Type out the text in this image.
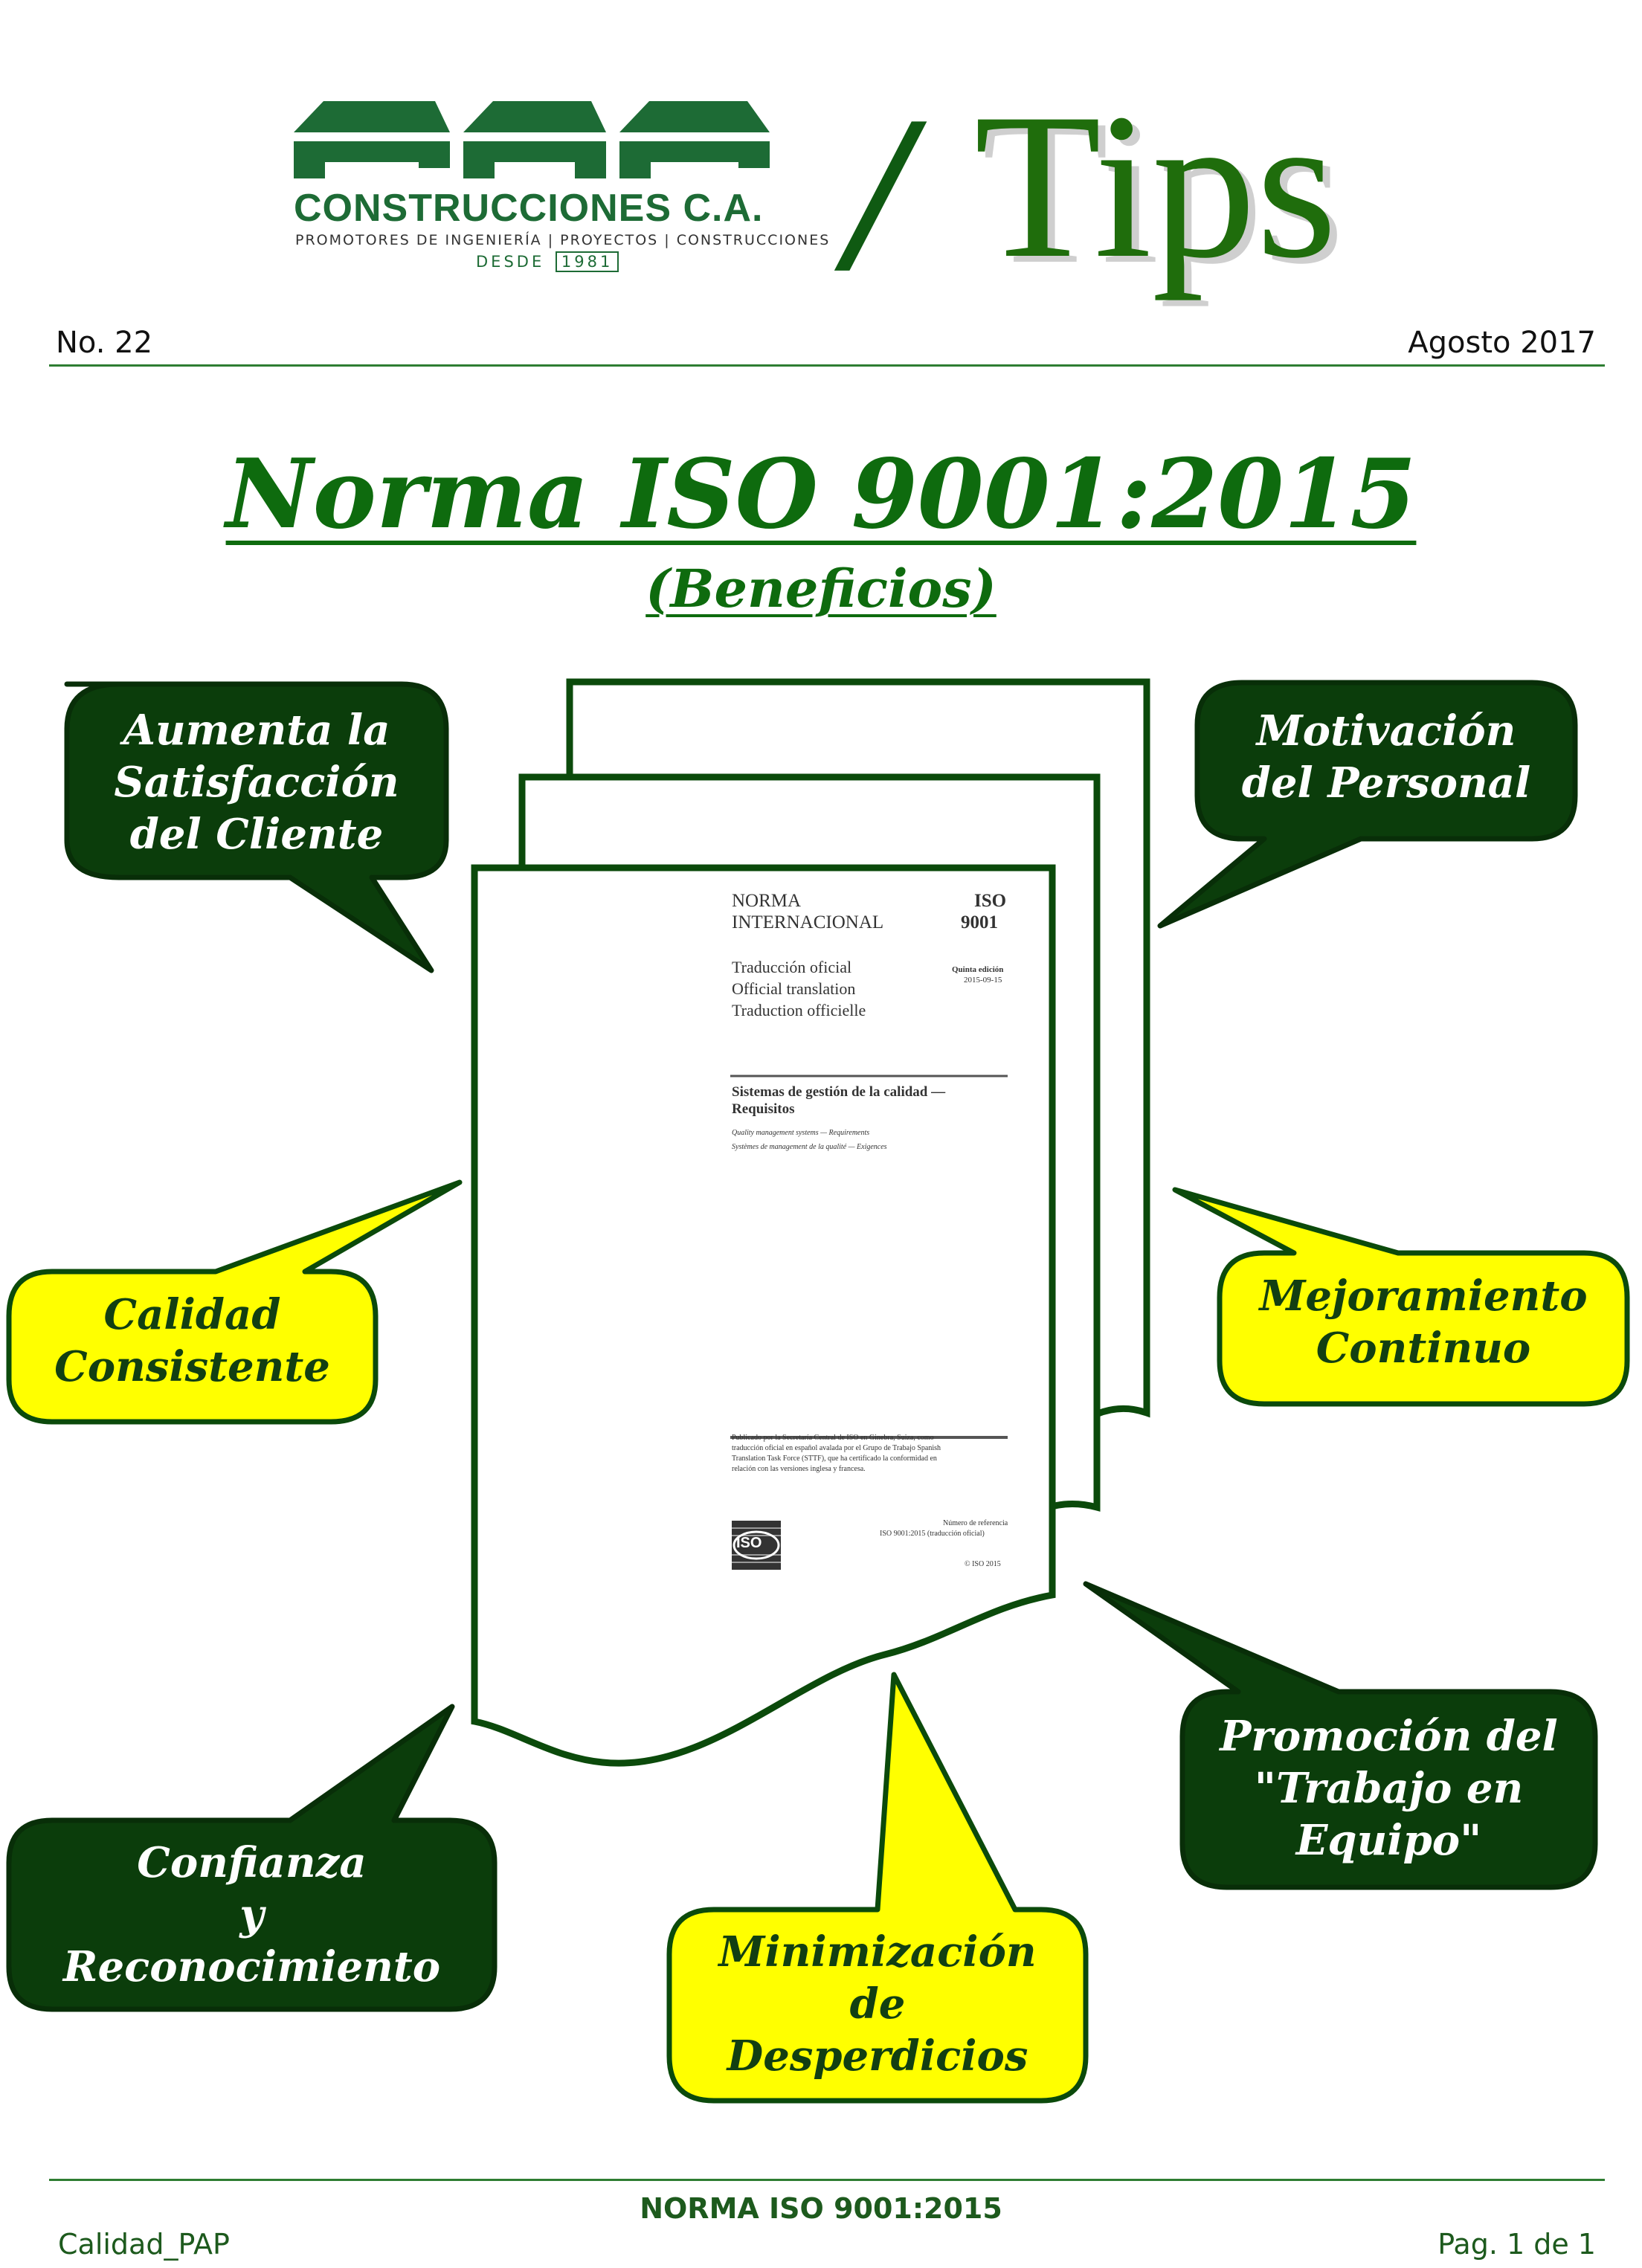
CONSTRUCCIONES C.A.
PROMOTORES DE INGENIERÍA | PROYECTOS | CONSTRUCCIONES
DESDE 1981 / Tips
No. 22	Agosto 2017
Norma ISO 9001:2015
(Beneficios)
NORMA
INTERNACIONAL
ISO
9001
Traducción oficial
Official translation
Traduction officielle
Quinta edición
2015-09-15
Sistemas de gestión de la calidad —
Requisitos
Quality management systems — Requirements
Systèmes de management de la qualité — Exigences
Publicado por la Secretaría Central de ISO en Ginebra, Suiza, como
traducción oficial en español avalada por el Grupo de Trabajo Spanish
Translation Task Force (STTF), que ha certificado la conformidad en
relación con las versiones inglesa y francesa.
Número de referencia
ISO 9001:2015 (traducción oficial)
© ISO 2015
ISO
Aumenta la
Satisfacción
del Cliente
Motivación
del Personal
Calidad
Consistente
Mejoramiento
Continuo
Promoción del
"Trabajo en
Equipo"
Confianza
y
Reconocimiento	Minimización
de
Desperdicios
NORMA ISO 9001:2015
Calidad_PAP	Pag. 1 de 1
